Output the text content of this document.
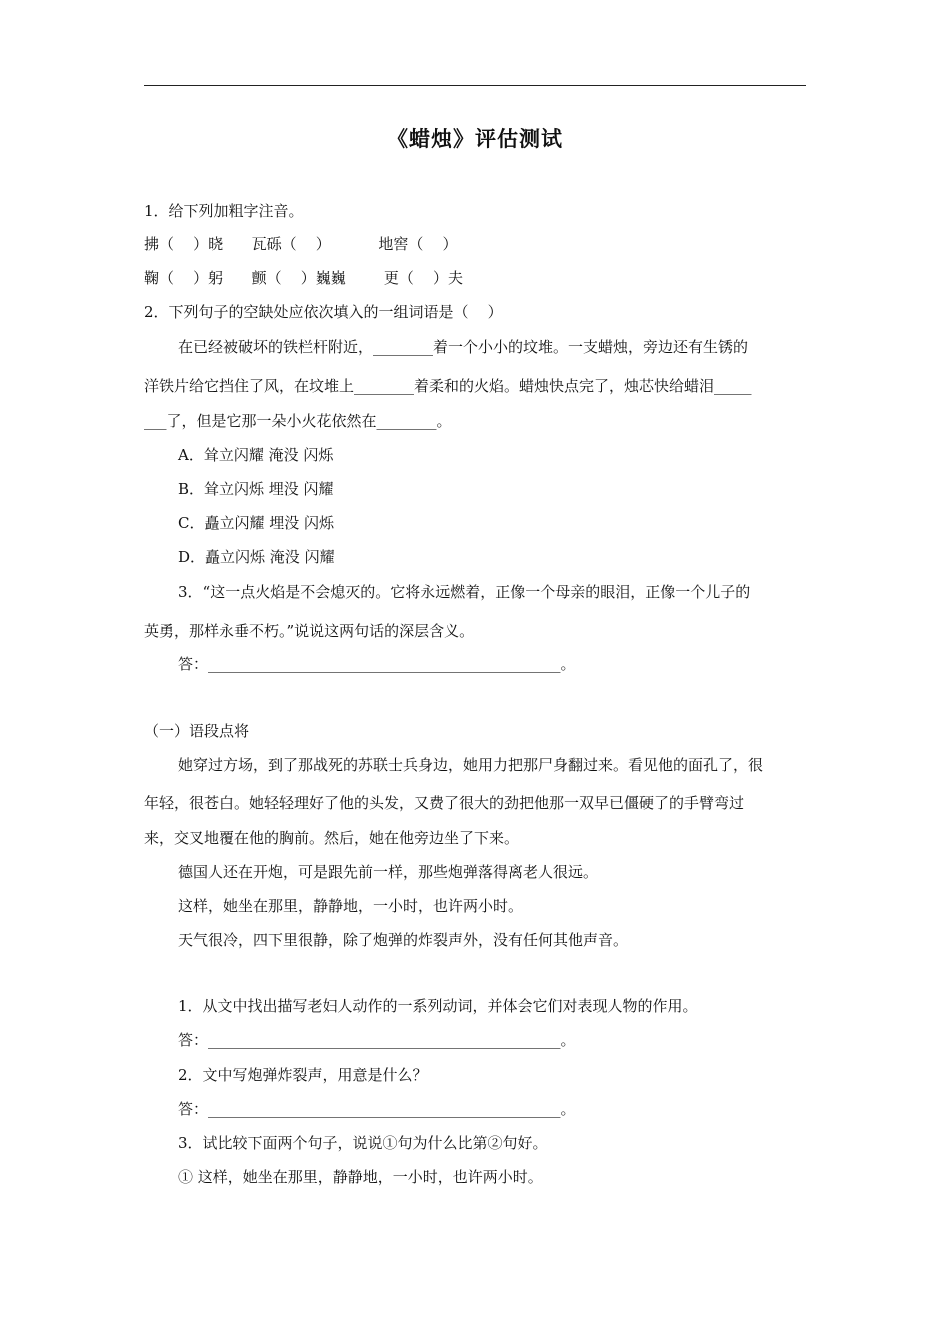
《蜡烛》评估测试
1．给下列加粗字注音。
拂（    ）晓      瓦砾（    ）          地窖（    ）
鞠（    ）躬      颤（    ）巍巍        更（    ）夫
2．下列句子的空缺处应依次填入的一组词语是（    ）
在已经被破坏的铁栏杆附近，________着一个小小的坟堆。一支蜡烛，旁边还有生锈的
洋铁片给它挡住了风，在坟堆上________着柔和的火焰。蜡烛快点完了，烛芯快给蜡泪_____
___了，但是它那一朵小火花依然在________。
A．耸立闪耀 淹没 闪烁
B．耸立闪烁 埋没 闪耀
C．矗立闪耀 埋没 闪烁
D．矗立闪烁 淹没 闪耀
3．“这一点火焰是不会熄灭的。它将永远燃着，正像一个母亲的眼泪，正像一个儿子的
英勇，那样永垂不朽。”说说这两句话的深层含义。
答：_______________________________________________。
（一）语段点将
她穿过方场，到了那战死的苏联士兵身边，她用力把那尸身翻过来。看见他的面孔了，很
年轻，很苍白。她轻轻理好了他的头发，又费了很大的劲把他那一双早已僵硬了的手臂弯过
来，交叉地覆在他的胸前。然后，她在他旁边坐了下来。
德国人还在开炮，可是跟先前一样，那些炮弹落得离老人很远。
这样，她坐在那里，静静地，一小时，也许两小时。
天气很冷，四下里很静，除了炮弹的炸裂声外，没有任何其他声音。
1．从文中找出描写老妇人动作的一系列动词，并体会它们对表现人物的作用。
答：_______________________________________________。
2．文中写炮弹炸裂声，用意是什么？
答：_______________________________________________。
3．试比较下面两个句子，说说①句为什么比第②句好。
① 这样，她坐在那里，静静地，一小时，也许两小时。
